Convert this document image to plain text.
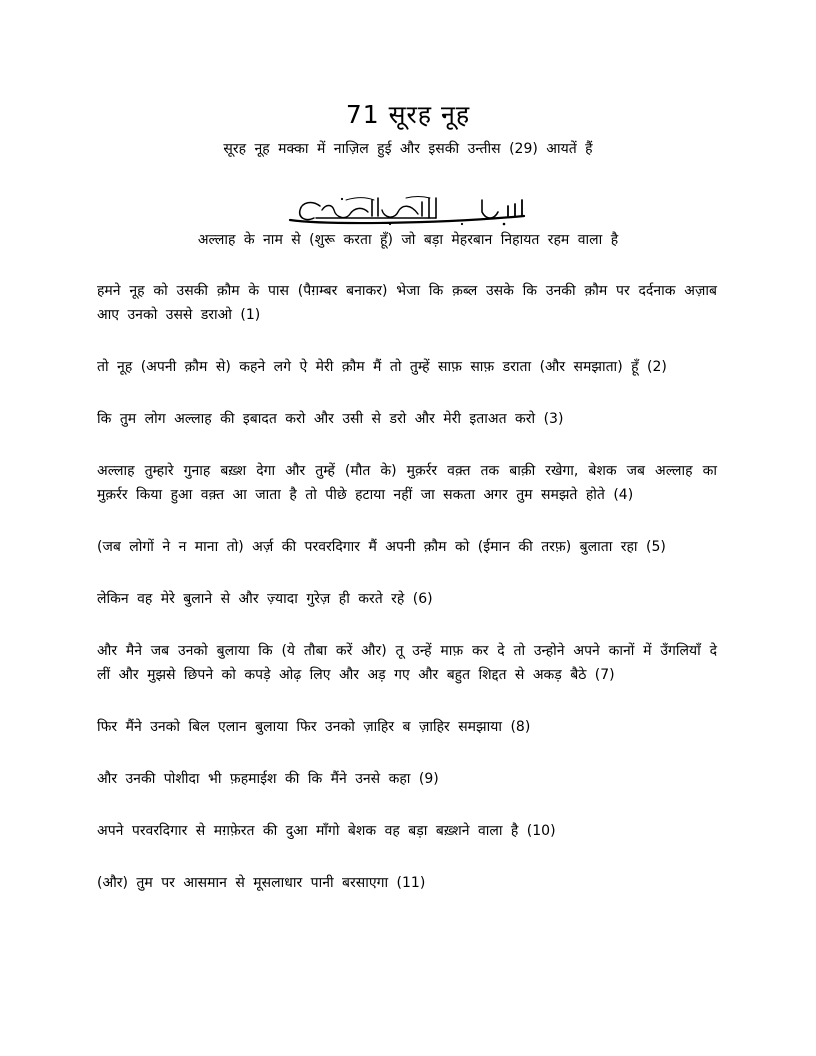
71 सूरह नूह
सूरह नूह मक्का में नाज़िल हुई और इसकी उन्तीस (29) आयतें हैं
अल्लाह के नाम से (शुरू करता हूँ) जो बड़ा मेहरबान निहायत रहम वाला है

हमने नूह को उसकी क़ौम के पास (पैग़म्बर बनाकर) भेजा कि क़ब्ल उसके कि उनकी क़ौम पर दर्दनाक अज़ाब आए उनको उससे डराओ (1)

तो नूह (अपनी क़ौम से) कहने लगे ऐ मेरी क़ौम मैं तो तुम्हें साफ़ साफ़ डराता (और समझाता) हूँ (2)

कि तुम लोग अल्लाह की इबादत करो और उसी से डरो और मेरी इताअत करो (3)

अल्लाह तुम्हारे गुनाह बख़्श देगा और तुम्हें (मौत के) मुक़र्रर वक़्त तक बाक़ी रखेगा, बेशक जब अल्लाह का मुक़र्रर किया हुआ वक़्त आ जाता है तो पीछे हटाया नहीं जा सकता अगर तुम समझते होते (4)

(जब लोगों ने न माना तो) अर्ज़ की परवरदिगार मैं अपनी क़ौम को (ईमान की तरफ़) बुलाता रहा (5)

लेकिन वह मेरे बुलाने से और ज़्यादा गुरेज़ ही करते रहे (6)

और मैने जब उनको बुलाया कि (ये तौबा करें और) तू उन्हें माफ़ कर दे तो उन्होने अपने कानों में उँगलियाँ दे लीं और मुझसे छिपने को कपड़े ओढ़ लिए और अड़ गए और बहुत शिद्दत से अकड़ बैठे (7)

फिर मैंने उनको बिल एलान बुलाया फिर उनको ज़ाहिर ब ज़ाहिर समझाया (8)

और उनकी पोशीदा भी फ़हमाईश की कि मैंने उनसे कहा (9)

अपने परवरदिगार से मग़फ़ेरत की दुआ माँगो बेशक वह बड़ा बख़्शने वाला है (10)

(और) तुम पर आसमान से मूसलाधार पानी बरसाएगा (11)
